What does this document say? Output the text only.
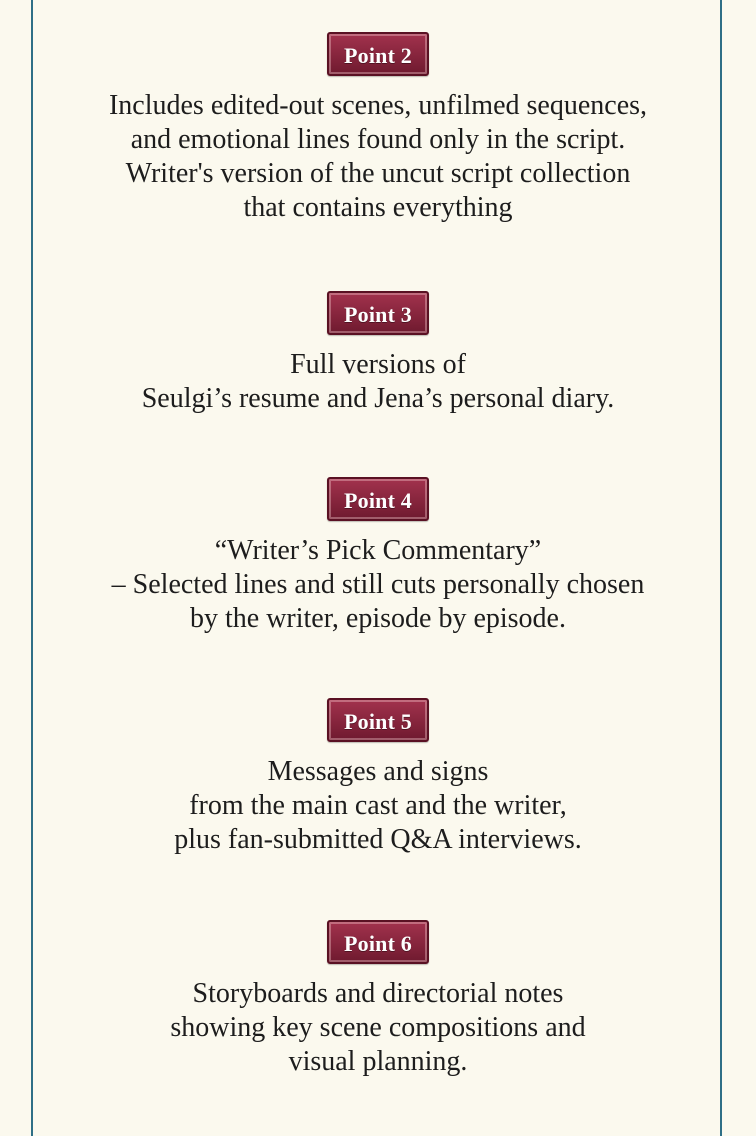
Point 2
Includes edited-out scenes, unfilmed sequences,
and emotional lines found only in the script.
Writer's version of the uncut script collection
that contains everything
Point 3
Full versions of
Seulgi’s resume and Jena’s personal diary.
Point 4
“Writer’s Pick Commentary”
– Selected lines and still cuts personally chosen
by the writer, episode by episode.
Point 5
Messages and signs
from the main cast and the writer,
plus fan-submitted Q&A interviews.
Point 6
Storyboards and directorial notes
showing key scene compositions and
visual planning.
